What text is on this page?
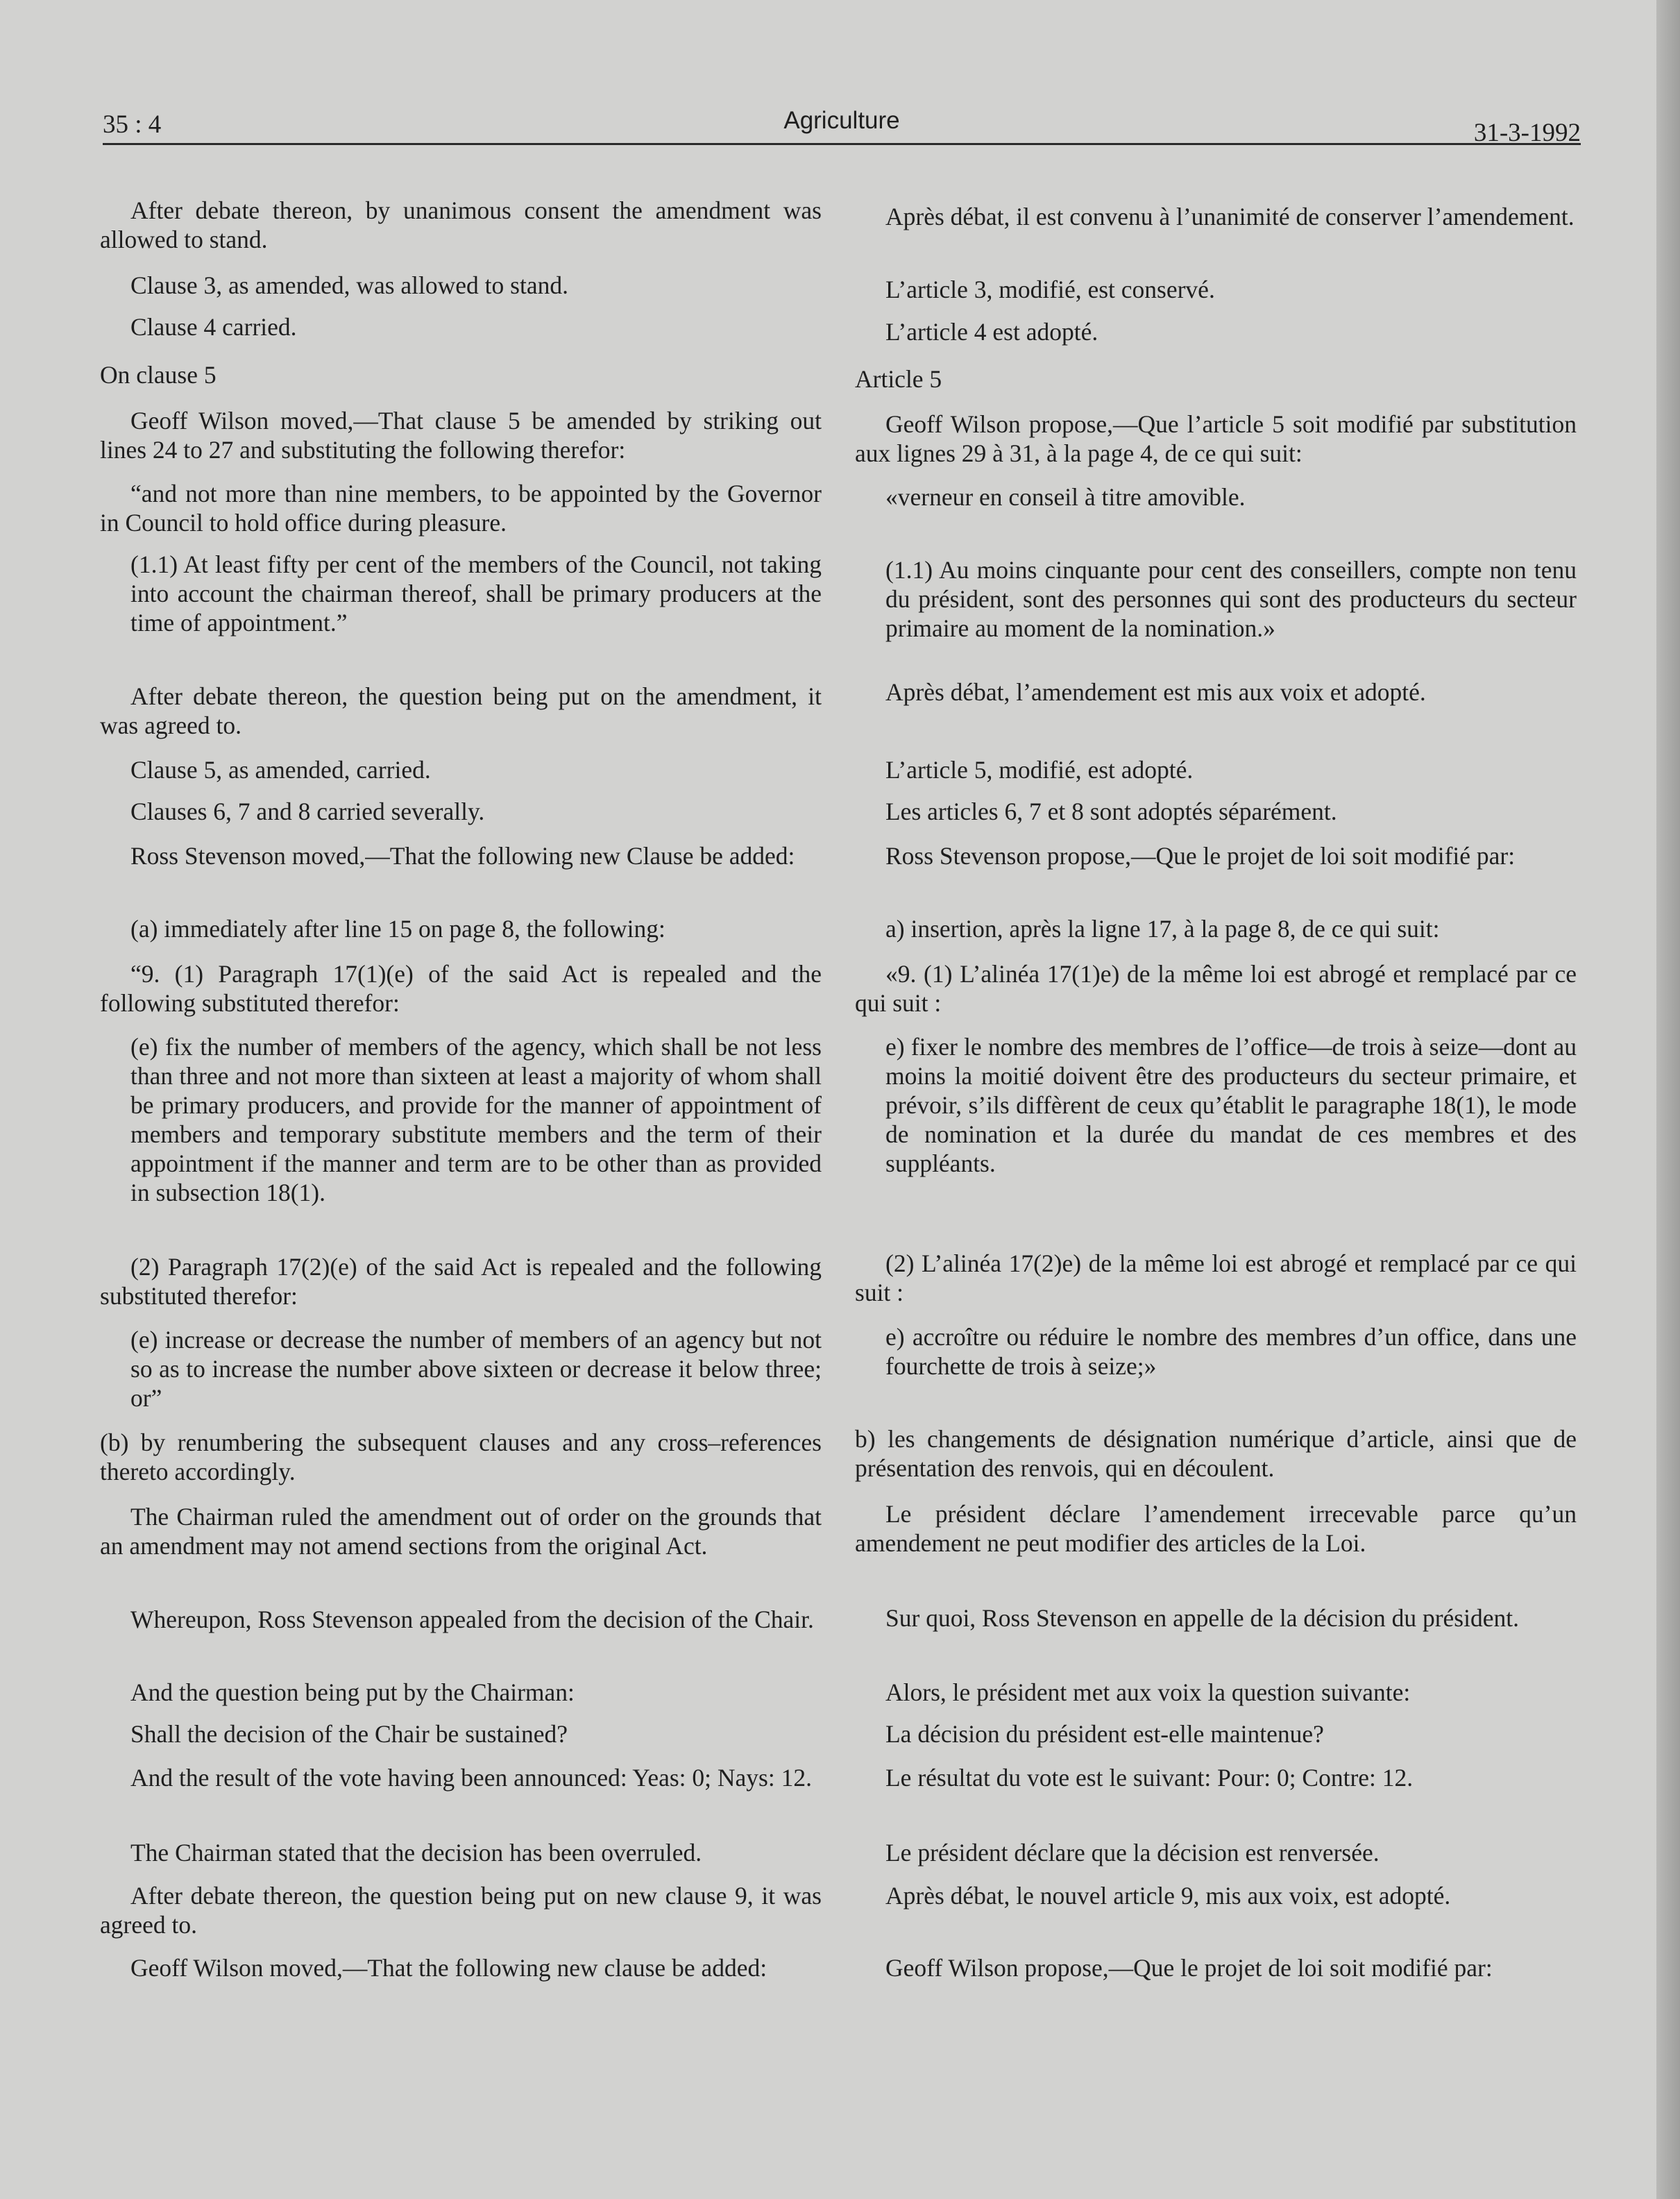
35 : 4	Agriculture	31-3-1992

After debate thereon, by unanimous consent the amendment was allowed to stand.

Clause 3, as amended, was allowed to stand.

Clause 4 carried.

On clause 5

Geoff Wilson moved,—That clause 5 be amended by striking out lines 24 to 27 and substituting the following therefor:

“and not more than nine members, to be appointed by the Governor in Council to hold office during pleasure.

(1.1) At least fifty per cent of the members of the Council, not taking into account the chairman thereof, shall be primary producers at the time of appointment.”

After debate thereon, the question being put on the amendment, it was agreed to.

Clause 5, as amended, carried.

Clauses 6, 7 and 8 carried severally.

Ross Stevenson moved,—That the following new Clause be added:

(a) immediately after line 15 on page 8, the following:

“9. (1) Paragraph 17(1)(e) of the said Act is repealed and the following substituted therefor:

(e) fix the number of members of the agency, which shall be not less than three and not more than sixteen at least a majority of whom shall be primary producers, and provide for the manner of appointment of members and temporary substitute members and the term of their appointment if the manner and term are to be other than as provided in subsection 18(1).

(2) Paragraph 17(2)(e) of the said Act is repealed and the following substituted therefor:

(e) increase or decrease the number of members of an agency but not so as to increase the number above sixteen or decrease it below three; or”

(b) by renumbering the subsequent clauses and any cross–references thereto accordingly.

The Chairman ruled the amendment out of order on the grounds that an amendment may not amend sections from the original Act.

Whereupon, Ross Stevenson appealed from the decision of the Chair.

And the question being put by the Chairman:

Shall the decision of the Chair be sustained?

And the result of the vote having been announced: Yeas: 0; Nays: 12.

The Chairman stated that the decision has been overruled.

After debate thereon, the question being put on new clause 9, it was agreed to.

Geoff Wilson moved,—That the following new clause be added:

Après débat, il est convenu à l’unanimité de conserver l’amendement.

L’article 3, modifié, est conservé.

L’article 4 est adopté.

Article 5

Geoff Wilson propose,—Que l’article 5 soit modifié par substitution aux lignes 29 à 31, à la page 4, de ce qui suit:

«verneur en conseil à titre amovible.

(1.1) Au moins cinquante pour cent des conseillers, compte non tenu du président, sont des personnes qui sont des producteurs du secteur primaire au moment de la nomination.»

Après débat, l’amendement est mis aux voix et adopté.

L’article 5, modifié, est adopté.

Les articles 6, 7 et 8 sont adoptés séparément.

Ross Stevenson propose,—Que le projet de loi soit modifié par:

a) insertion, après la ligne 17, à la page 8, de ce qui suit:

«9. (1) L’alinéa 17(1)e) de la même loi est abrogé et remplacé par ce qui suit :

e) fixer le nombre des membres de l’office—de trois à seize—dont au moins la moitié doivent être des producteurs du secteur primaire, et prévoir, s’ils diffèrent de ceux qu’établit le paragraphe 18(1), le mode de nomination et la durée du mandat de ces membres et des suppléants.

(2) L’alinéa 17(2)e) de la même loi est abrogé et remplacé par ce qui suit :

e) accroître ou réduire le nombre des membres d’un office, dans une fourchette de trois à seize;»

b) les changements de désignation numérique d’article, ainsi que de présentation des renvois, qui en découlent.

Le président déclare l’amendement irrecevable parce qu’un amendement ne peut modifier des articles de la Loi.

Sur quoi, Ross Stevenson en appelle de la décision du président.

Alors, le président met aux voix la question suivante:

La décision du président est-elle maintenue?

Le résultat du vote est le suivant: Pour: 0; Contre: 12.

Le président déclare que la décision est renversée.

Après débat, le nouvel article 9, mis aux voix, est adopté.

Geoff Wilson propose,—Que le projet de loi soit modifié par:
